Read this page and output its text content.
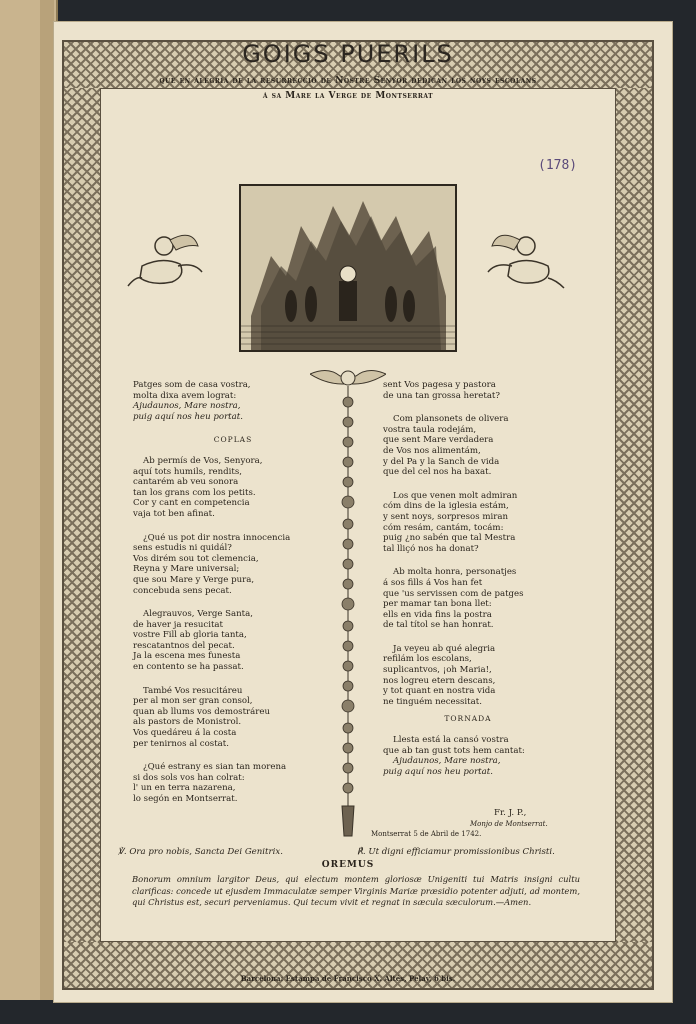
GOIGS PUERILS
que en alegría de la resurrecció de Nostre Senyor dedican los noys escolans
á sa Mare la Verge de Montserrat
(178)

Patges som de casa vostra,
molta dixa avem lograt:
Ajudaunos, Mare nostra,
puig aquí nos heu portat.

COPLAS

Ab permís de Vos, Senyora,
aquí tots humils, rendits,
cantarém ab veu sonora
tan los grans com los petits.
Cor y cant en competencia
vaja tot ben afinat.

¿Qué us pot dir nostra innocencia
sens estudis ni quidál?
Vos dirém sou tot clemencia,
Reyna y Mare universal;
que sou Mare y Verge pura,
concebuda sens pecat.

Alegrauvos, Verge Santa,
de haver ja resucitat
vostre Fill ab gloria tanta,
rescatantnos del pecat.
Ja la escena mes funesta
en contento se ha passat.

També Vos resucitáreu
per al mon ser gran consol,
quan ab llums vos demostráreu
als pastors de Monistrol.
Vos quedáreu á la costa
per tenirnos al costat.

¿Qué estrany es sian tan morena
si dos sols vos han colrat:
l' un en terra nazarena,
lo segón en Montserrat.

sent Vos pagesa y pastora
de una tan grossa heretat?

Com plansonets de olivera
vostra taula rodejám,
que sent Mare verdadera
de Vos nos alimentám,
y del Pa y la Sanch de vida
que del cel nos ha baxat.

Los que venen molt admiran
cóm dins de la iglesia estám,
y sent noys, sorpresos miran
cóm resám, cantám, tocám:
puig ¿no sabén que tal Mestra
tal lliçó nos ha donat?

Ab molta honra, personatjes
á sos fills á Vos han fet
que 'us servissen com de patges
per mamar tan bona llet:
ells en vida fins la postra
de tal títol se han honrat.

Ja veyeu ab qué alegria
refilám los escolans,
suplicantvos, ¡oh Maria!,
nos logreu etern descans,
y tot quant en nostra vida
ne tinguém necessitat.

TORNADA

Llesta está la cansó vostra
que ab tan gust tots hem cantat:
Ajudaunos, Mare nostra,
puig aquí nos heu portat.

Fr. J. P.,
Monjo de Montserrat.
Montserrat 5 de Abril de 1742.
℣. Ora pro nobis, Sancta Dei Genitrix.	℟. Ut digni efficiamur promissionibus Christi.
OREMUS
Bonorum omnium largitor Deus, qui electum montem gloriosæ Unigeniti tui Matris insigni cultu clarificas: concede ut ejusdem Immaculatæ semper Virginis Mariæ præsidio potenter adjuti, ad montem, qui Christus est, securi perveniamus. Qui tecum vivit et regnat in sæcula sæculorum.—Amen.
Barcelona: Estampa de Francisco X. Altés, Pelay, 6 bis.
